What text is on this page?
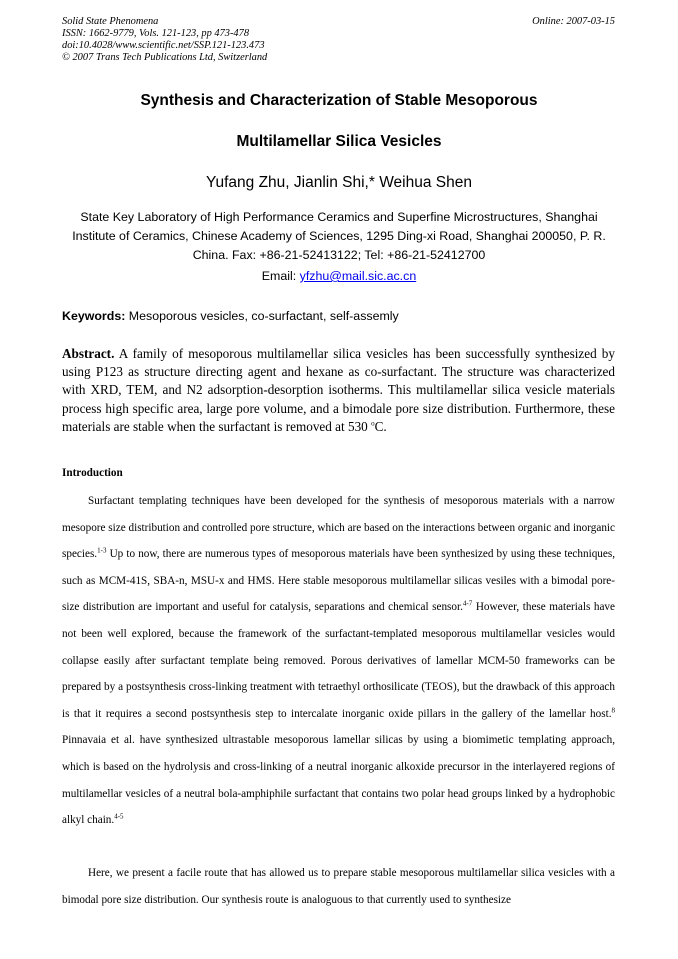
Solid State Phenomena
ISSN: 1662-9779, Vols. 121-123, pp 473-478
doi:10.4028/www.scientific.net/SSP.121-123.473
© 2007 Trans Tech Publications Ltd, Switzerland
Online: 2007-03-15
Synthesis and Characterization of Stable Mesoporous
Multilamellar Silica Vesicles
Yufang Zhu, Jianlin Shi,* Weihua Shen
State Key Laboratory of High Performance Ceramics and Superfine Microstructures, Shanghai
Institute of Ceramics, Chinese Academy of Sciences, 1295 Ding-xi Road, Shanghai 200050, P. R.
China. Fax: +86-21-52413122; Tel: +86-21-52412700
Email: yfzhu@mail.sic.ac.cn
Keywords: Mesoporous vesicles, co-surfactant, self-assemly
Abstract. A family of mesoporous multilamellar silica vesicles has been successfully synthesized by using P123 as structure directing agent and hexane as co-surfactant. The structure was characterized with XRD, TEM, and N2 adsorption-desorption isotherms. This multilamellar silica vesicle materials process high specific area, large pore volume, and a bimodale pore size distribution. Furthermore, these materials are stable when the surfactant is removed at 530 $^o$C.
Introduction
Surfactant templating techniques have been developed for the synthesis of mesoporous materials with a narrow mesopore size distribution and controlled pore structure, which are based on the interactions between organic and inorganic species.$^{1-3}$ Up to now, there are numerous types of mesoporous materials have been synthesized by using these techniques, such as MCM-41S, SBA-n, MSU-x and HMS. Here stable mesoporous multilamellar silicas vesiles with a bimodal pore-size distribution are important and useful for catalysis, separations and chemical sensor.$^{4-7}$ However, these materials have not been well explored, because the framework of the surfactant-templated mesoporous multilamellar vesicles would collapse easily after surfactant template being removed. Porous derivatives of lamellar MCM-50 frameworks can be prepared by a postsynthesis cross-linking treatment with tetraethyl orthosilicate (TEOS), but the drawback of this approach is that it requires a second postsynthesis step to intercalate inorganic oxide pillars in the gallery of the lamellar host.$^8$ Pinnavaia et al. have synthesized ultrastable mesoporous lamellar silicas by using a biomimetic templating approach, which is based on the hydrolysis and cross-linking of a neutral inorganic alkoxide precursor in the interlayered regions of multilamellar vesicles of a neutral bola-amphiphile surfactant that contains two polar head groups linked by a hydrophobic alkyl chain.$^{4-5}$
Here, we present a facile route that has allowed us to prepare stable mesoporous multilamellar silica vesicles with a bimodal pore size distribution. Our synthesis route is analoguous to that currently used to synthesize
